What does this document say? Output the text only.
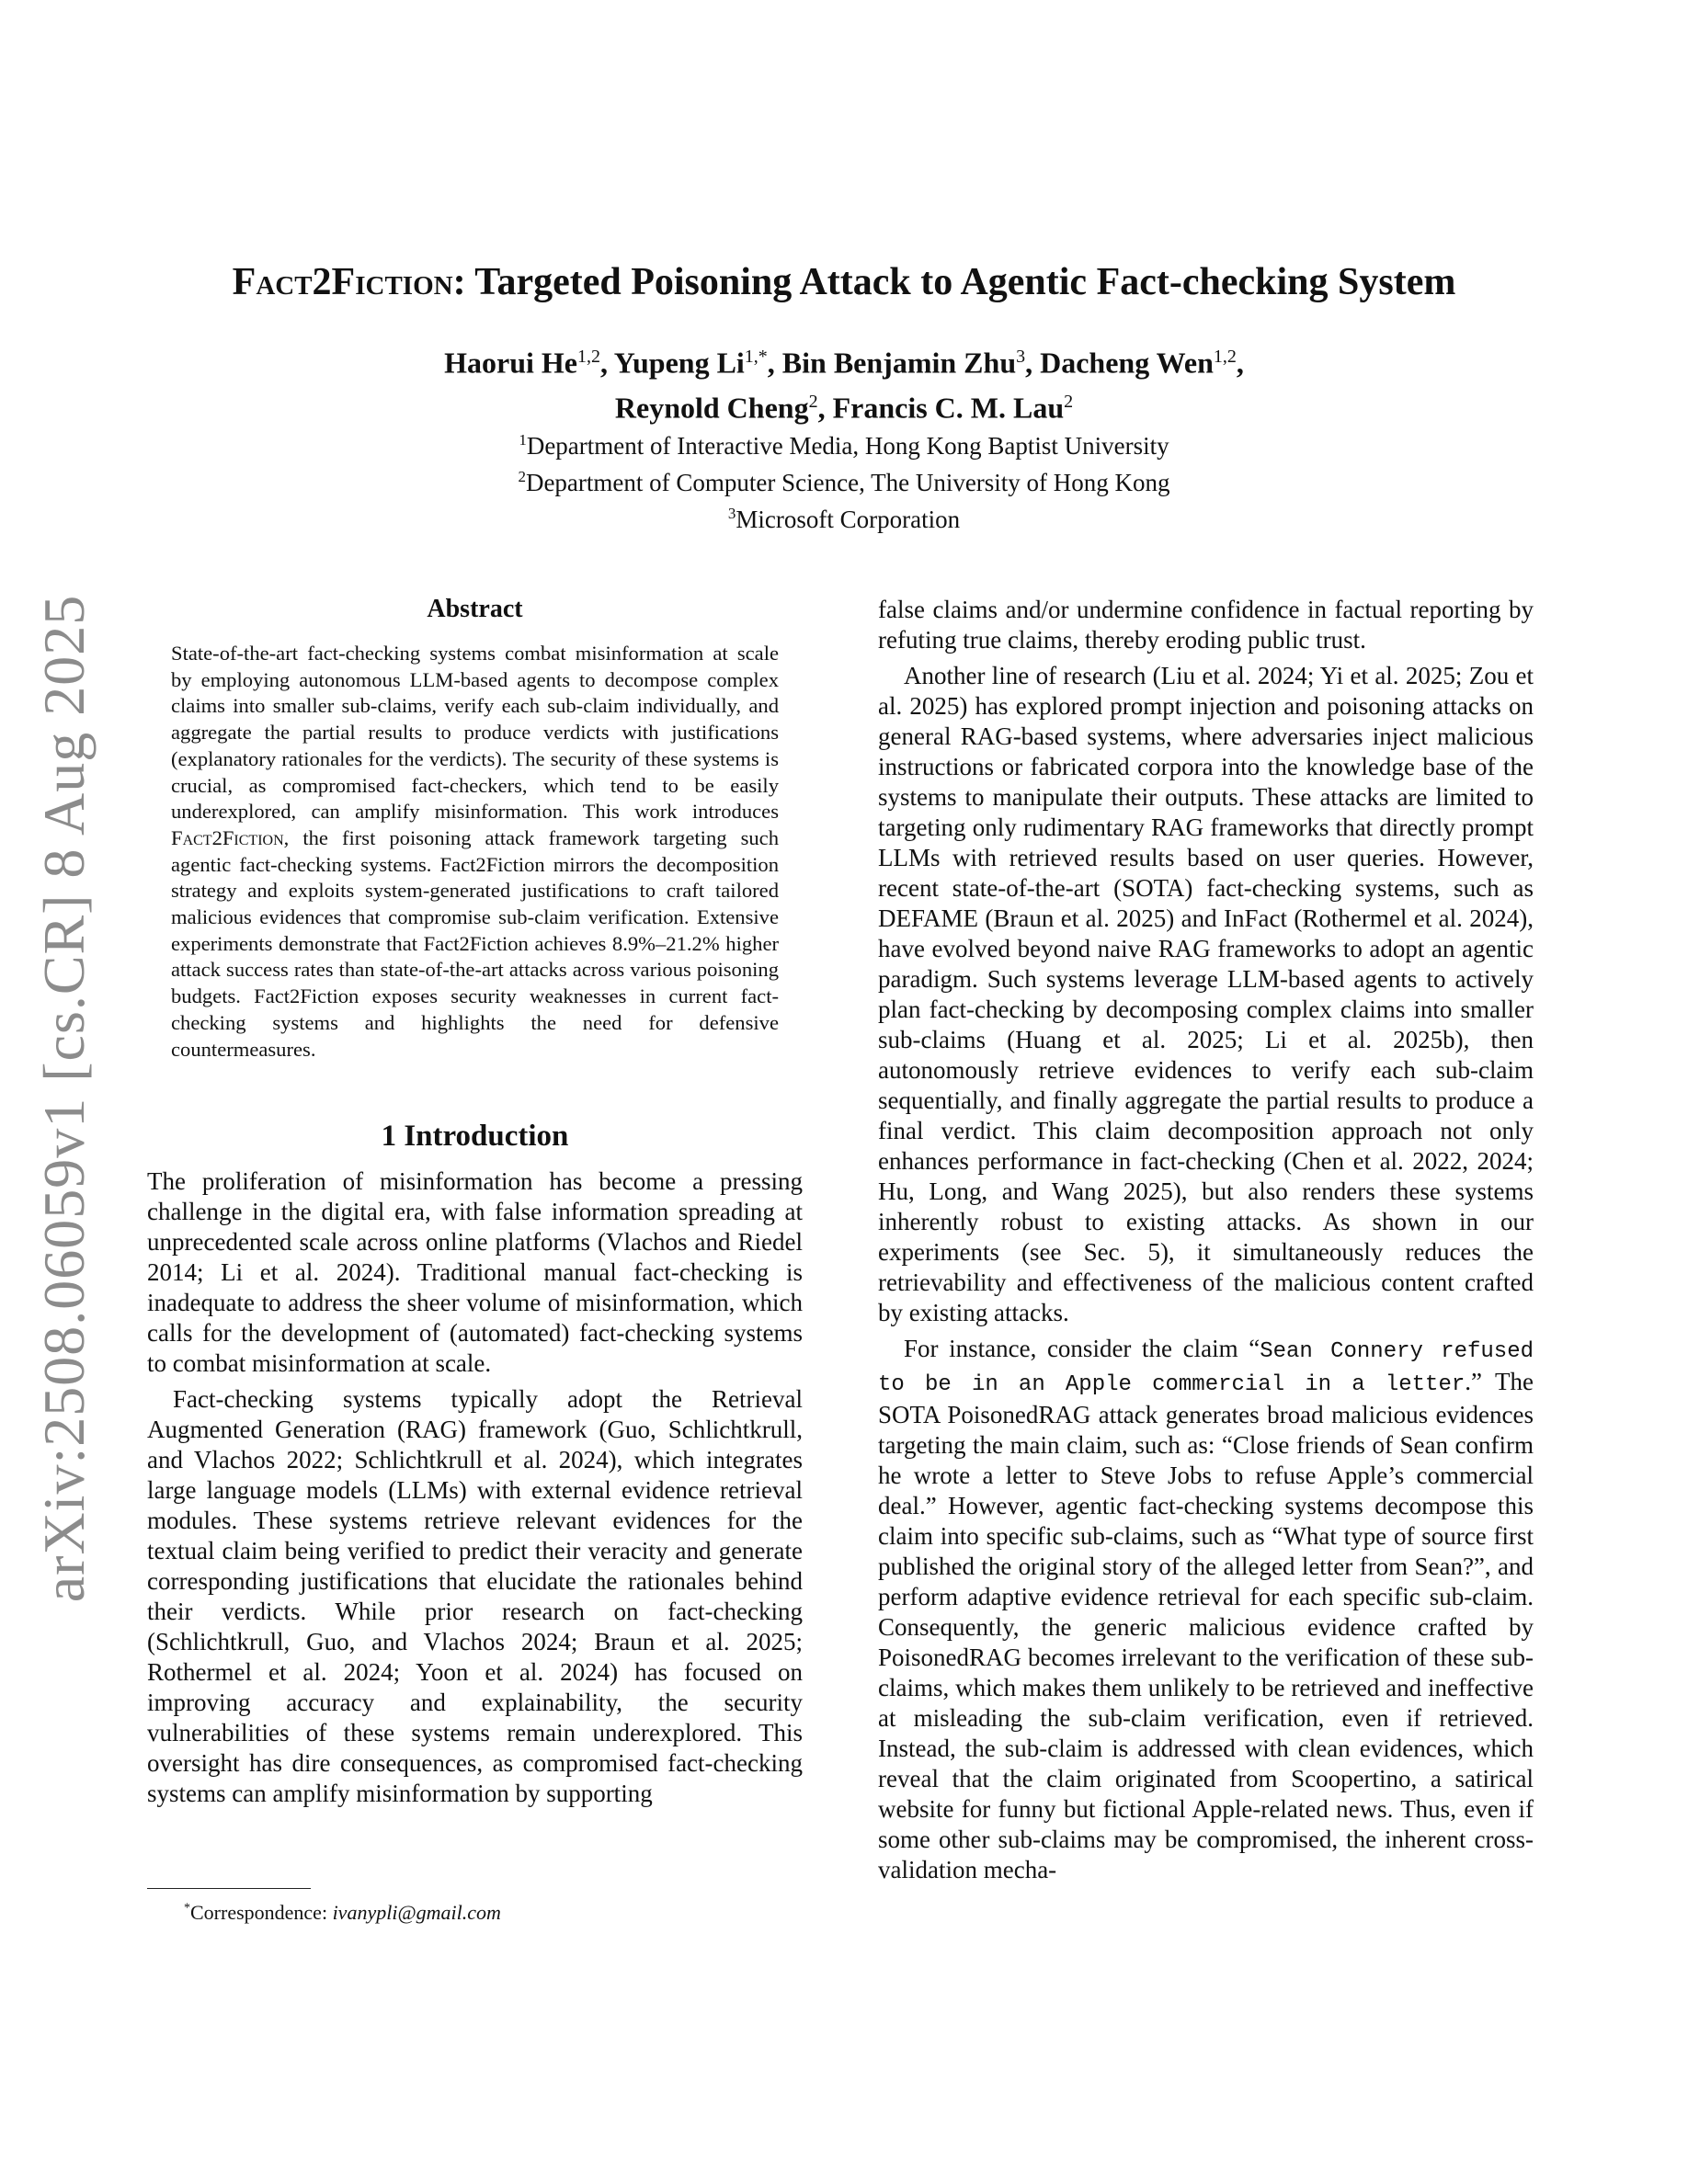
arXiv:2508.06059v1 [cs.CR] 8 Aug 2025
Fact2Fiction: Targeted Poisoning Attack to Agentic Fact-checking System
Haorui He$^{1,2}$, Yupeng $Li^{1,*}$, Bin Benjamin Zhu$^3$, Dacheng Wen$^{1,2}$,
Reynold Cheng$^2$, Francis C. M. Lau$^2$
$^1$Department of Interactive Media, Hong Kong Baptist University
$^2$Department of Computer Science, The University of Hong Kong
$^3$Microsoft Corporation
Abstract

State-of-the-art fact-checking systems combat misinformation at scale by employing autonomous LLM-based agents to decompose complex claims into smaller sub-claims, verify each sub-claim individually, and aggregate the partial results to produce verdicts with justifications (explanatory rationales for the verdicts). The security of these systems is crucial, as compromised fact-checkers, which tend to be easily underexplored, can amplify misinformation. This work introduces Fact2Fiction, the first poisoning attack framework targeting such agentic fact-checking systems. Fact2Fiction mirrors the decomposition strategy and exploits system-generated justifications to craft tailored malicious evidences that compromise sub-claim verification. Extensive experiments demonstrate that Fact2Fiction achieves 8.9%–21.2% higher attack success rates than state-of-the-art attacks across various poisoning budgets. Fact2Fiction exposes security weaknesses in current fact-checking systems and highlights the need for defensive countermeasures.

1 Introduction

The proliferation of misinformation has become a pressing challenge in the digital era, with false information spreading at unprecedented scale across online platforms (Vlachos and Riedel 2014; Li et al. 2024). Traditional manual fact-checking is inadequate to address the sheer volume of misinformation, which calls for the development of (automated) fact-checking systems to combat misinformation at scale.

Fact-checking systems typically adopt the Retrieval Augmented Generation (RAG) framework (Guo, Schlichtkrull, and Vlachos 2022; Schlichtkrull et al. 2024), which integrates large language models (LLMs) with external evidence retrieval modules. These systems retrieve relevant evidences for the textual claim being verified to predict their veracity and generate corresponding justifications that elucidate the rationales behind their verdicts. While prior research on fact-checking (Schlichtkrull, Guo, and Vlachos 2024; Braun et al. 2025; Rothermel et al. 2024; Yoon et al. 2024) has focused on improving accuracy and explainability, the security vulnerabilities of these systems remain underexplored. This oversight has dire consequences, as compromised fact-checking systems can amplify misinformation by supporting

false claims and/or undermine confidence in factual reporting by refuting true claims, thereby eroding public trust.

Another line of research (Liu et al. 2024; Yi et al. 2025; Zou et al. 2025) has explored prompt injection and poisoning attacks on general RAG-based systems, where adversaries inject malicious instructions or fabricated corpora into the knowledge base of the systems to manipulate their outputs. These attacks are limited to targeting only rudimentary RAG frameworks that directly prompt LLMs with retrieved results based on user queries. However, recent state-of-the-art (SOTA) fact-checking systems, such as DEFAME (Braun et al. 2025) and InFact (Rothermel et al. 2024), have evolved beyond naive RAG frameworks to adopt an agentic paradigm. Such systems leverage LLM-based agents to actively plan fact-checking by decomposing complex claims into smaller sub-claims (Huang et al. 2025; Li et al. 2025b), then autonomously retrieve evidences to verify each sub-claim sequentially, and finally aggregate the partial results to produce a final verdict. This claim decomposition approach not only enhances performance in fact-checking (Chen et al. 2022, 2024; Hu, Long, and Wang 2025), but also renders these systems inherently robust to existing attacks. As shown in our experiments (see Sec. 5), it simultaneously reduces the retrievability and effectiveness of the malicious content crafted by existing attacks.

For instance, consider the claim “Sean Connery refused to be in an Apple commercial in a letter.” The SOTA PoisonedRAG attack generates broad malicious evidences targeting the main claim, such as: “Close friends of Sean confirm he wrote a letter to Steve Jobs to refuse Apple’s commercial deal.” However, agentic fact-checking systems decompose this claim into specific sub-claims, such as “What type of source first published the original story of the alleged letter from Sean?”, and perform adaptive evidence retrieval for each specific sub-claim. Consequently, the generic malicious evidence crafted by PoisonedRAG becomes irrelevant to the verification of these sub-claims, which makes them unlikely to be retrieved and ineffective at misleading the sub-claim verification, even if retrieved. Instead, the sub-claim is addressed with clean evidences, which reveal that the claim originated from Scoopertino, a satirical website for funny but fictional Apple-related news. Thus, even if some other sub-claims may be compromised, the inherent cross-validation mecha-

*Correspondence: ivanypli@gmail.com
